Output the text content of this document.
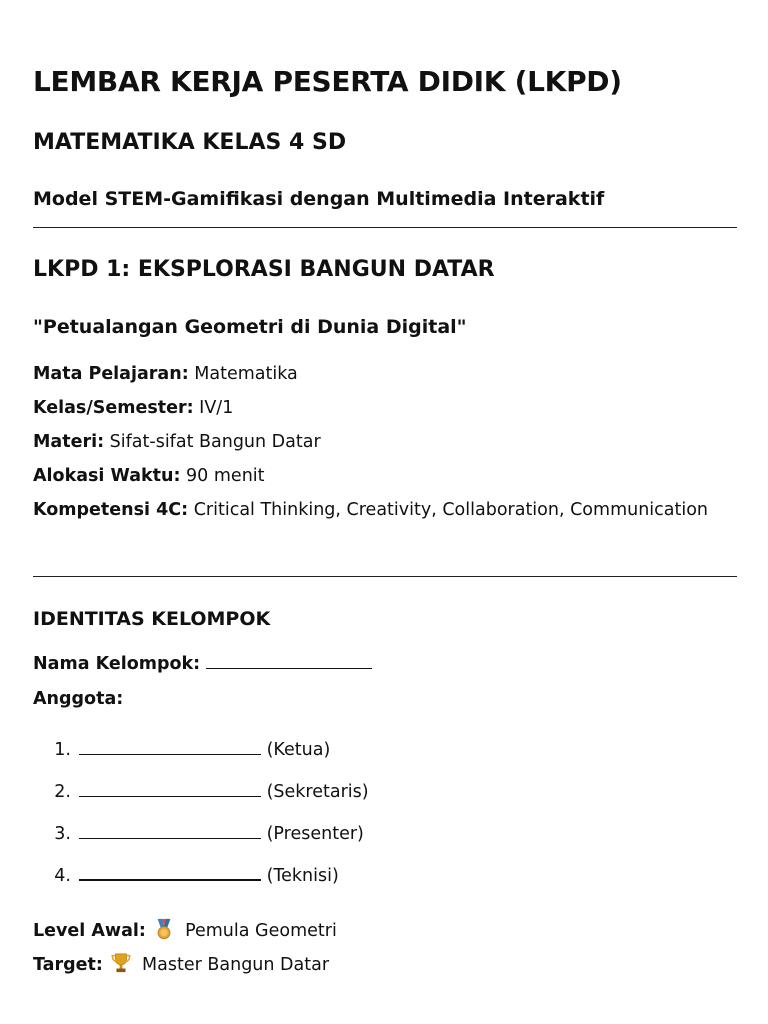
LEMBAR KERJA PESERTA DIDIK (LKPD)
MATEMATIKA KELAS 4 SD
Model STEM-Gamifikasi dengan Multimedia Interaktif
LKPD 1: EKSPLORASI BANGUN DATAR
"Petualangan Geometri di Dunia Digital"
Mata Pelajaran: Matematika
Kelas/Semester: IV/1
Materi: Sifat-sifat Bangun Datar
Alokasi Waktu: 90 menit
Kompetensi 4C: Critical Thinking, Creativity, Collaboration, Communication
IDENTITAS KELOMPOK
Nama Kelompok:
Anggota:
1.	(Ketua)
2.	(Sekretaris)
3.	(Presenter)
4.	(Teknisi)
Level Awal: Pemula Geometri
Target: Master Bangun Datar
